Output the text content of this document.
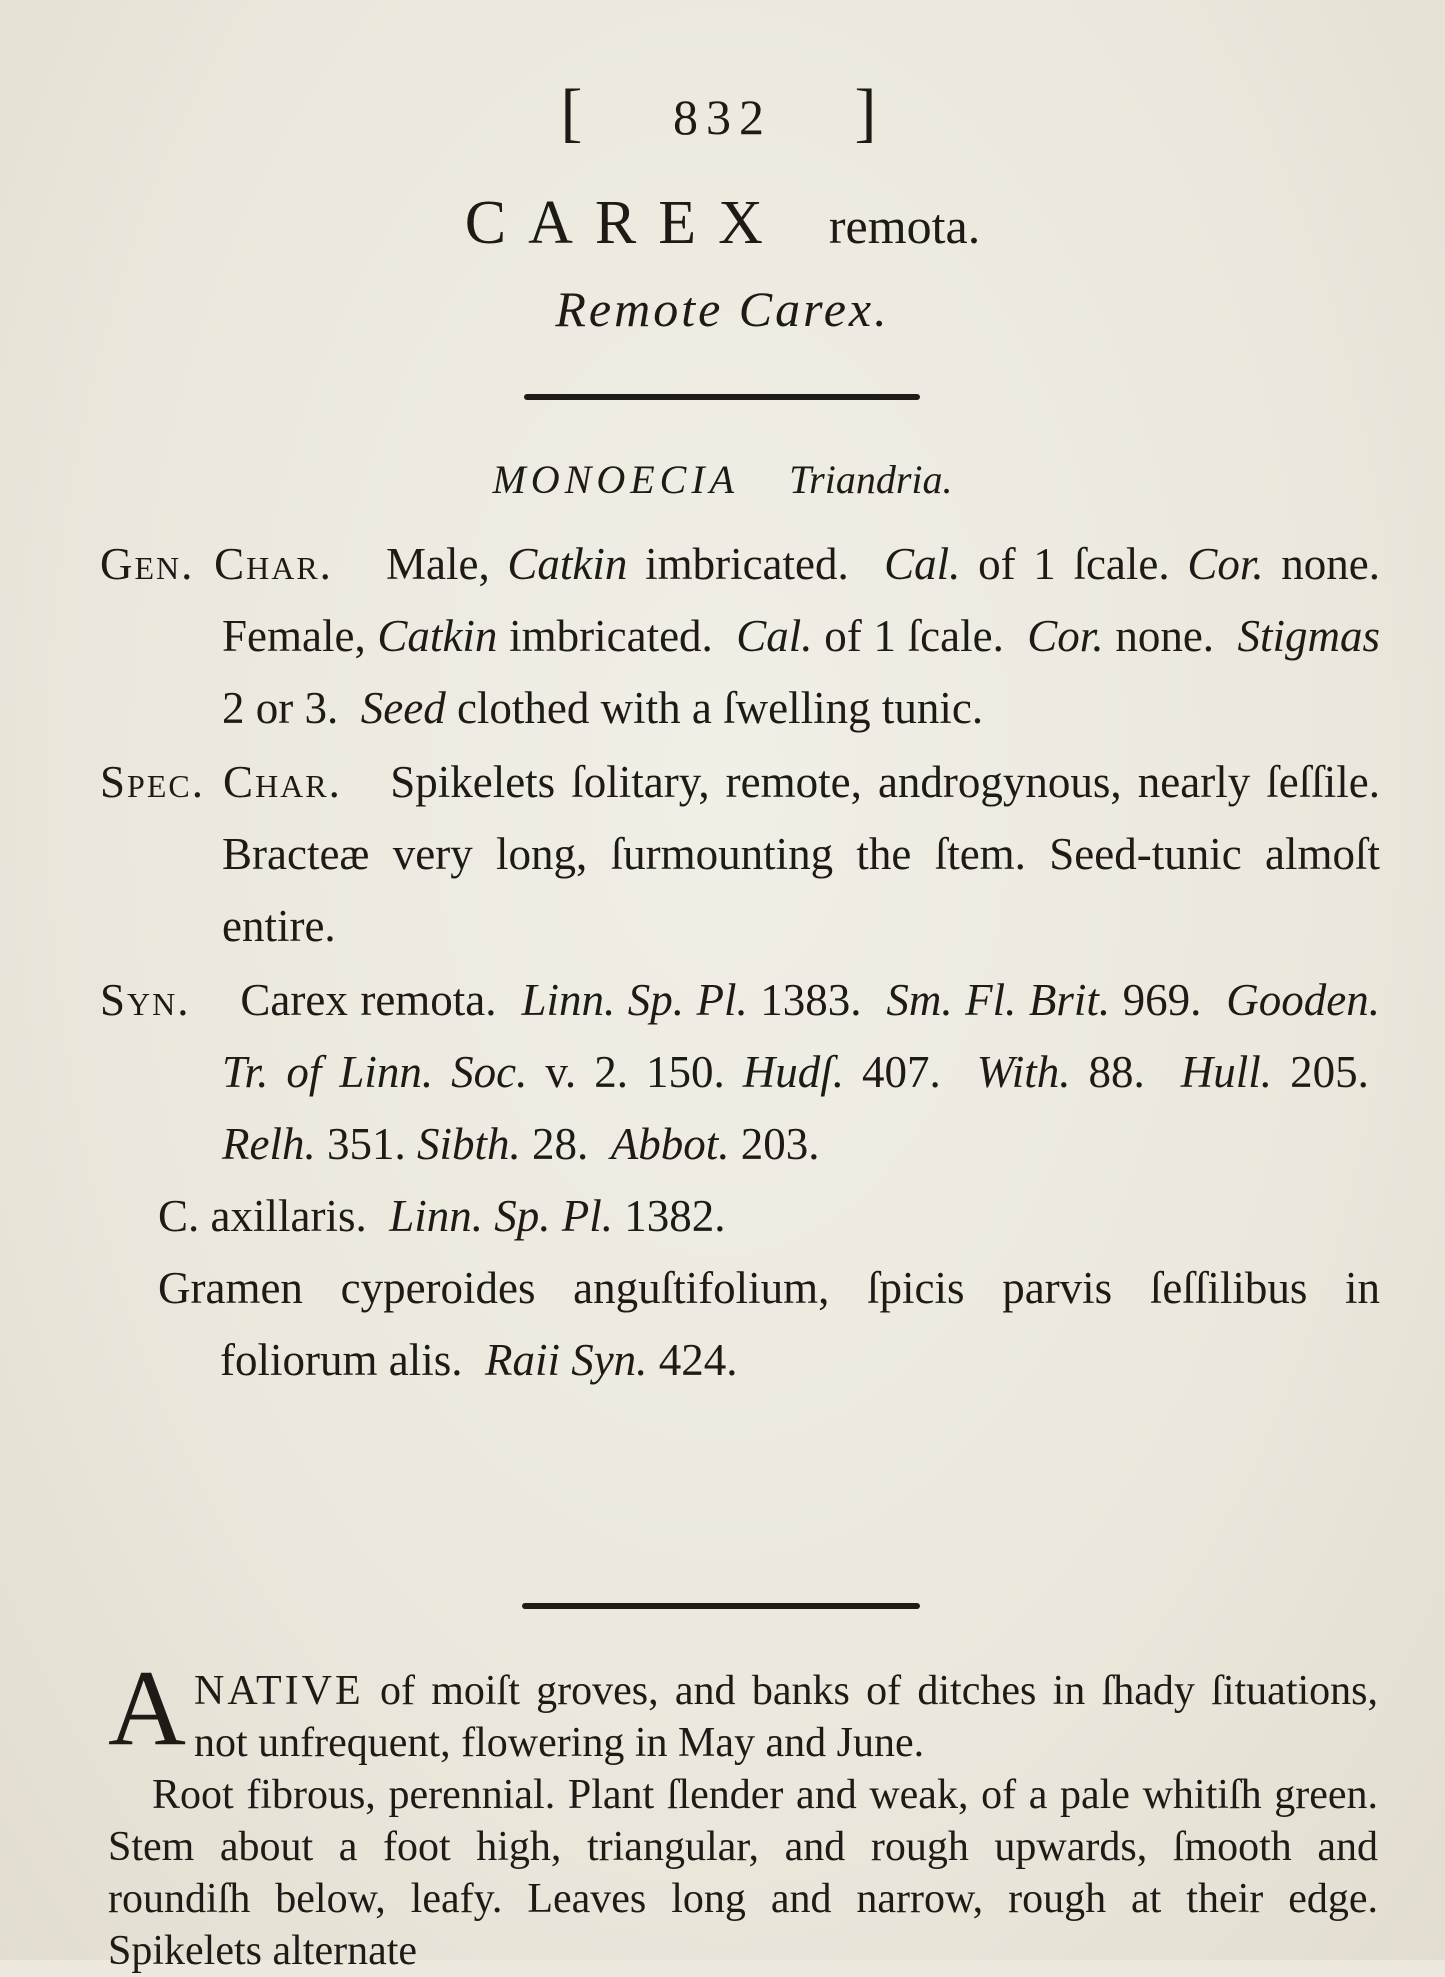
[ 832 ]
CAREX remota.
Remote Carex.
MONOECIA Triandria.

Gen. Char. Male, Catkin imbricated. Cal. of 1 ſcale. Cor. none. Female, Catkin imbricated. Cal. of 1 ſcale. Cor. none. Stigmas 2 or 3. Seed clothed with a ſwelling tunic.

Spec. Char. Spikelets ſolitary, remote, androgynous, nearly ſeſſile. Bracteæ very long, ſurmounting the ſtem. Seed-tunic almoſt entire.

Syn. Carex remota. Linn. Sp. Pl. 1383. Sm. Fl. Brit. 969. Gooden. Tr. of Linn. Soc. v. 2. 150. Hudſ. 407. With. 88. Hull. 205.  Relh. 351. Sibth. 28. Abbot. 203.

C. axillaris. Linn. Sp. Pl. 1382.

Gramen cyperoides anguſtifolium, ſpicis parvis ſeſſilibus in foliorum alis. Raii Syn. 424.

ANATIVE of moiſt groves, and banks of ditches in ſhady ſituations, not unfrequent, flowering in May and June.

Root fibrous, perennial. Plant ſlender and weak, of a pale whitiſh green. Stem about a foot high, triangular, and rough upwards, ſmooth and roundiſh below, leafy. Leaves long and narrow, rough at their edge. Spikelets alternate
